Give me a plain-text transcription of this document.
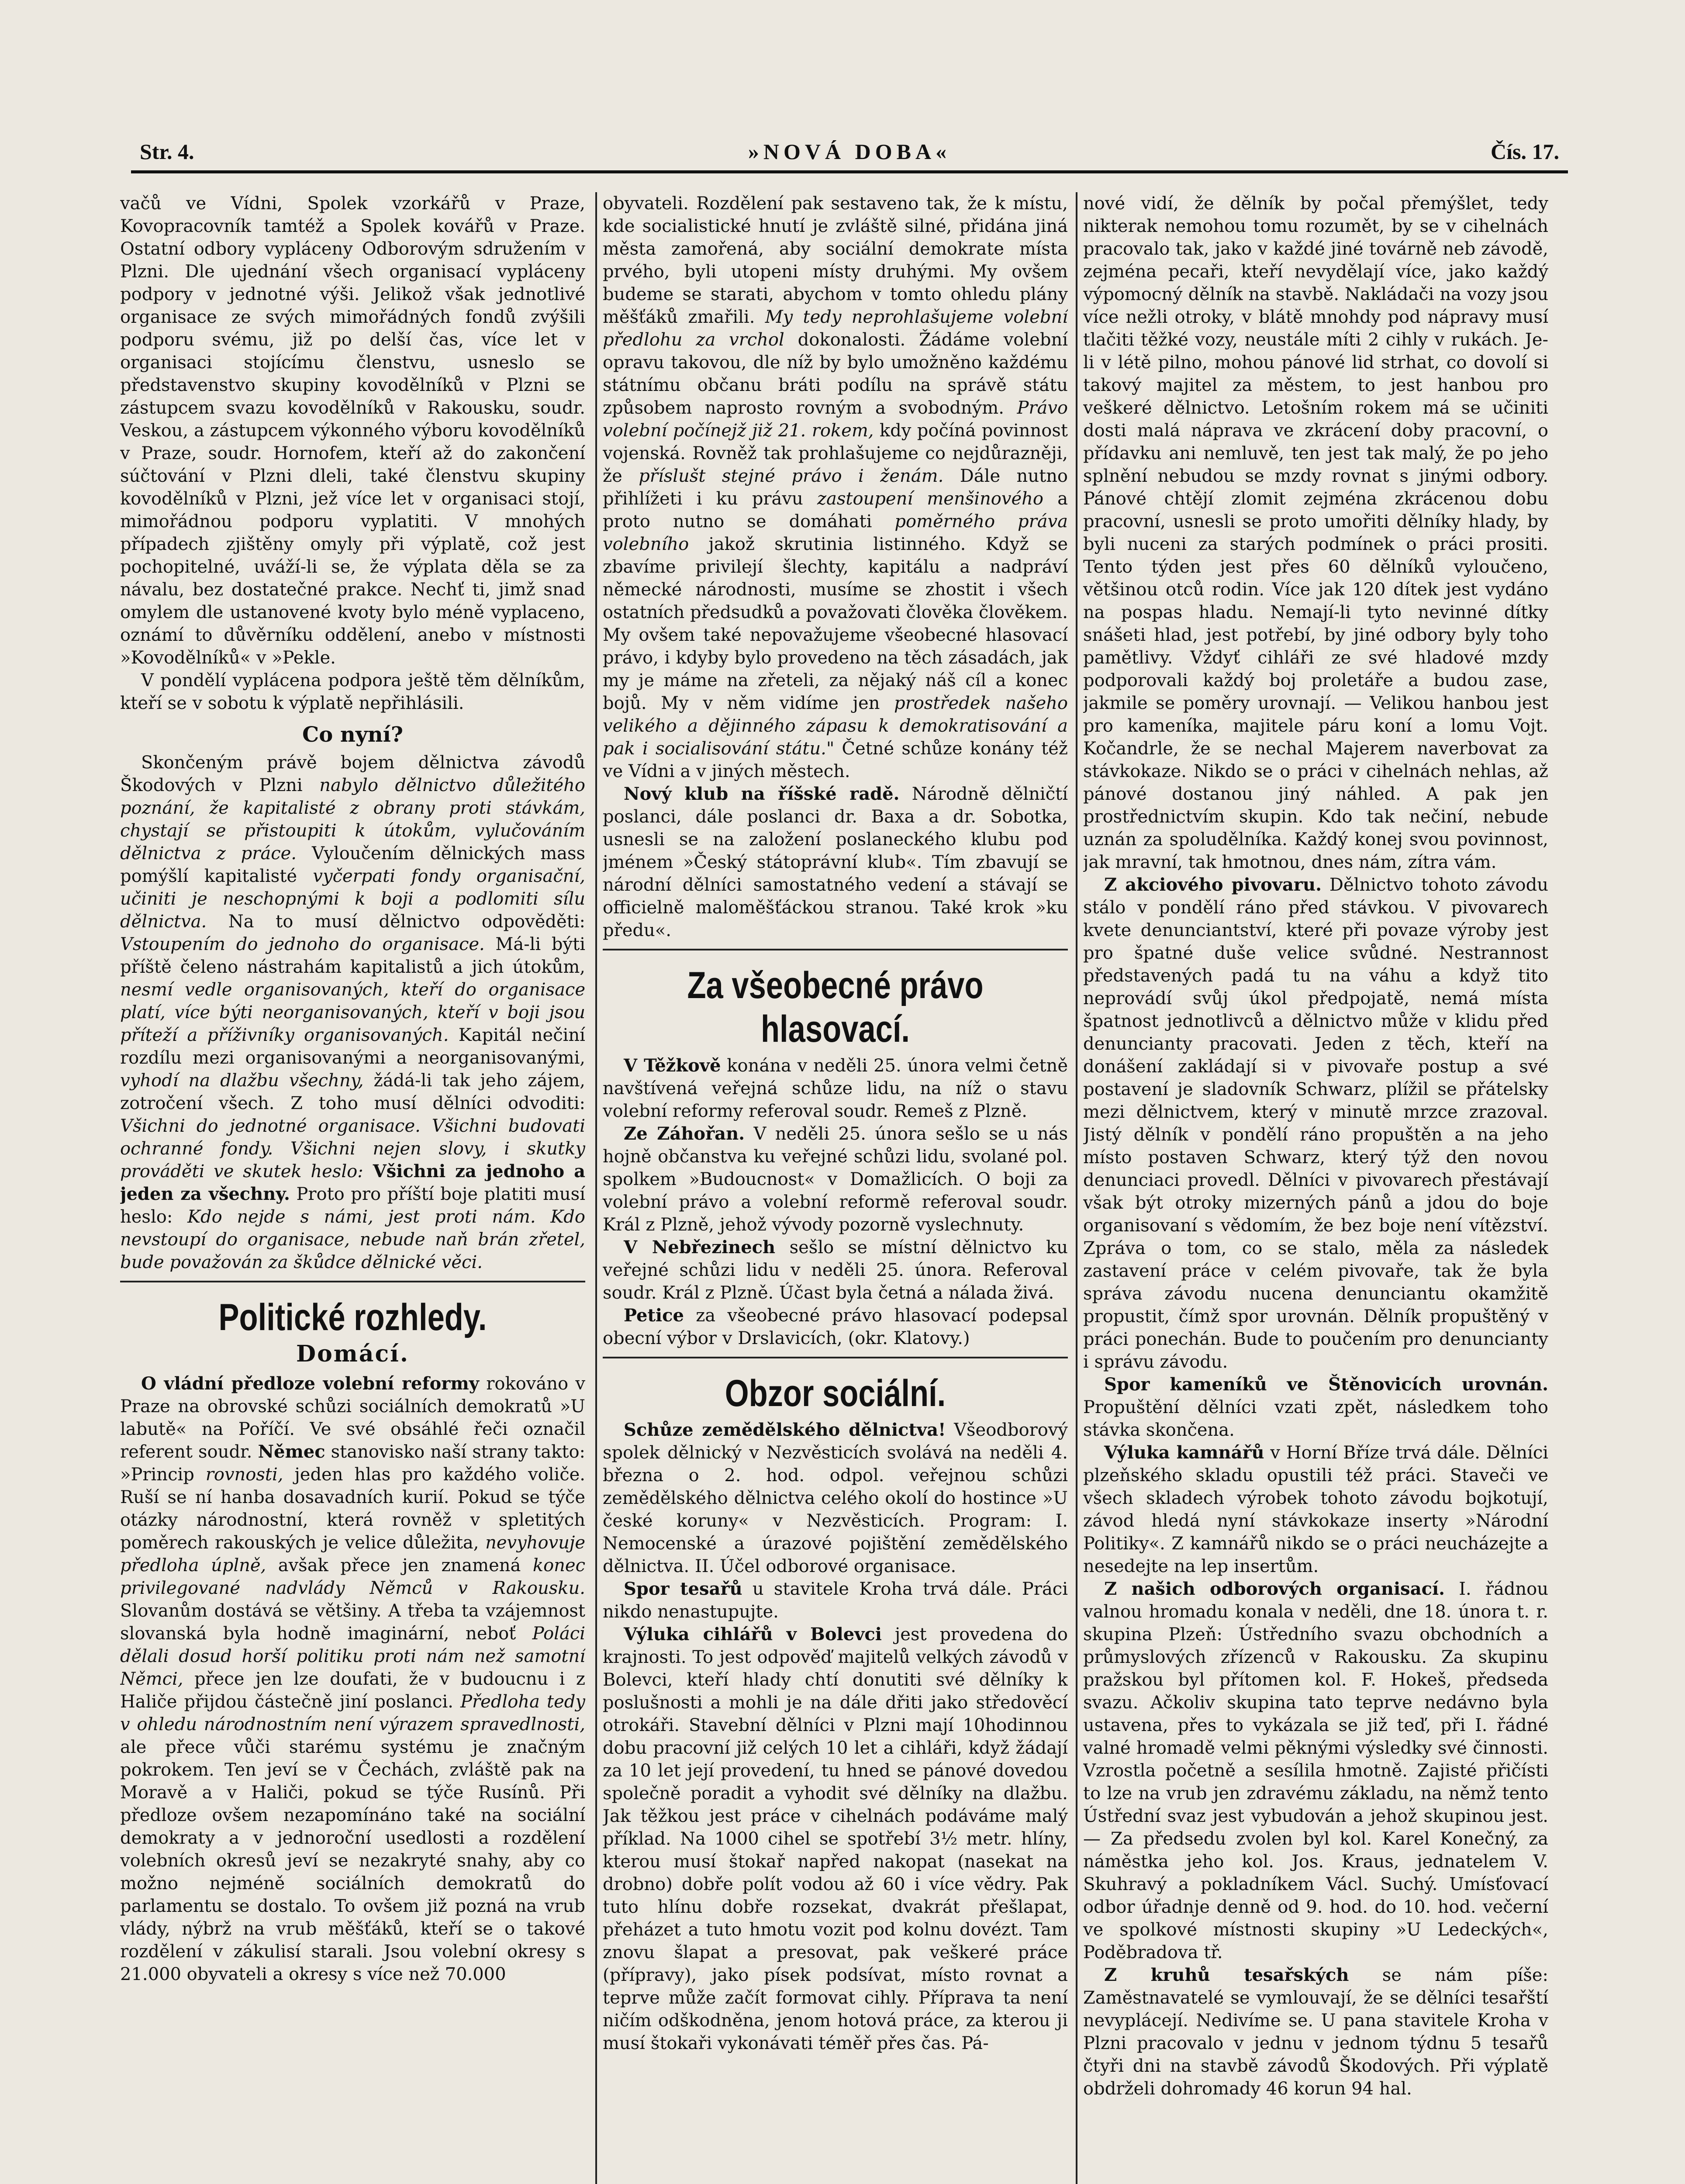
Str. 4.	»NOVÁ DOBA«	Čís. 17.

vačů ve Vídni, Spolek vzorkářů v Praze, Kovopracovník tamtéž a Spolek kovářů v Praze. Ostatní odbory vypláceny Odborovým sdružením v Plzni. Dle ujednání všech organisací vypláceny podpory v jednotné výši. Jelikož však jednotlivé organisace ze svých mimořádných fondů zvýšili podporu svému, již po delší čas, více let v organisaci stojícímu členstvu, usneslo se představenstvo skupiny kovodělníků v Plzni se zástupcem svazu kovodělníků v Rakousku, soudr. Veskou, a zástupcem výkonného výboru kovodělníků v Praze, soudr. Hornofem, kteří až do zakončení súčtování v Plzni dleli, také členstvu skupiny kovodělníků v Plzni, jež více let v organisaci stojí, mimořádnou podporu vyplatiti. V mnohých případech zjištěny omyly při výplatě, což jest pochopitelné, uváží-li se, že výplata děla se za návalu, bez dostatečné prakce. Nechť ti, jimž snad omylem dle ustanovené kvoty bylo méně vyplaceno, oznámí to důvěrníku oddělení, anebo v místnosti »Kovodělníků« v »Pekle.

V pondělí vyplácena podpora ještě těm dělníkům, kteří se v sobotu k výplatě nepřihlásili.

Co nyní?

Skončeným právě bojem dělnictva závodů Škodových v Plzni nabylo dělnictvo důležitého poznání, že kapitalisté z obrany proti stávkám, chystají se přistoupiti k útokům, vylučováním dělnictva z práce. Vyloučením dělnických mass pomýšlí kapitalisté vyčerpati fondy organisační, učiniti je neschopnými k boji a podlomiti sílu dělnictva. Na to musí dělnictvo odpověděti: Vstoupením do jednoho do organisace. Má-li býti příště čeleno nástrahám kapitalistů a jich útokům, nesmí vedle organisovaných, kteří do organisace platí, více býti neorganisovaných, kteří v boji jsou příteží a příživníky organisovaných. Kapitál nečiní rozdílu mezi organisovanými a neorganisovanými, vyhodí na dlažbu všechny, žádá-li tak jeho zájem, zotročení všech. Z toho musí dělníci odvoditi: Všichni do jednotné organisace. Všichni budovati ochranné fondy. Všichni nejen slovy, i skutky prováděti ve skutek heslo: Všichni za jednoho a jeden za všechny. Proto pro příští boje platiti musí heslo: Kdo nejde s námi, jest proti nám. Kdo nevstoupí do organisace, nebude naň brán zřetel, bude považován za škůdce dělnické věci.

Politické rozhledy.

Domácí.

O vládní předloze volební reformy rokováno v Praze na obrovské schůzi sociálních demokratů »U labutě« na Poříčí. Ve své obsáhlé řeči označil referent soudr. Němec stanovisko naší strany takto: »Princip rovnosti, jeden hlas pro každého voliče. Ruší se ní hanba dosavadních kurií. Pokud se týče otázky národnostní, která rovněž v spletitých poměrech rakouských je velice důležita, nevyhovuje předloha úplně, avšak přece jen znamená konec privilegované nadvlády Němců v Rakousku. Slovanům dostává se většiny. A třeba ta vzájemnost slovanská byla hodně imaginární, neboť Poláci dělali dosud horší politiku proti nám než samotní Němci, přece jen lze doufati, že v budoucnu i z Haliče přijdou částečně jiní poslanci. Předloha tedy v ohledu národnostním není výrazem spravedlnosti, ale přece vůči starému systému je značným pokrokem. Ten jeví se v Čechách, zvláště pak na Moravě a v Haliči, pokud se týče Rusínů. Při předloze ovšem nezapomínáno také na sociální demokraty a v jednoroční usedlosti a rozdělení volebních okresů jeví se nezakryté snahy, aby co možno nejméně sociálních demokratů do parlamentu se dostalo. To ovšem již pozná na vrub vlády, nýbrž na vrub měšťáků, kteří se o takové rozdělení v zákulisí starali. Jsou volební okresy s 21.000 obyvateli a okresy s více než 70.000

obyvateli. Rozdělení pak sestaveno tak, že k místu, kde socialistické hnutí je zvláště silné, přidána jiná města zamořená, aby sociální demokrate místa prvého, byli utopeni místy druhými. My ovšem budeme se starati, abychom v tomto ohledu plány měšťáků zmařili. My tedy neprohlašujeme volební předlohu za vrchol dokonalosti. Žádáme volební opravu takovou, dle níž by bylo umožněno každému státnímu občanu bráti podílu na správě státu způsobem naprosto rovným a svobodným. Právo volební počínejž již 21. rokem, kdy počíná povinnost vojenská. Rovněž tak prohlašujeme co nejdůrazněji, že příslušt stejné právo i ženám. Dále nutno přihlížeti i ku právu zastoupení menšinového a proto nutno se domáhati poměrného práva volebního jakož skrutinia listinného. Když se zbavíme privilejí šlechty, kapitálu a nadpráví německé národnosti, musíme se zhostit i všech ostatních předsudků a považovati člověka člověkem. My ovšem také nepovažujeme všeobecné hlasovací právo, i kdyby bylo provedeno na těch zásadách, jak my je máme na zřeteli, za nějaký náš cíl a konec bojů. My v něm vidíme jen prostředek našeho velikého a dějinného zápasu k demokratisování a pak i socialisování státu." Četné schůze konány též ve Vídni a v jiných městech.

Nový klub na říšské radě. Národně dělničtí poslanci, dále poslanci dr. Baxa a dr. Sobotka, usnesli se na založení poslaneckého klubu pod jménem »Český státoprávní klub«. Tím zbavují se národní dělníci samostatného vedení a stávají se officielně maloměšťáckou stranou. Také krok »ku předu«.

Za všeobecné právo hlasovací.

V Těžkově konána v neděli 25. února velmi četně navštívená veřejná schůze lidu, na níž o stavu volební reformy referoval soudr. Remeš z Plzně.

Ze Záhořan. V neděli 25. února sešlo se u nás hojně občanstva ku veřejné schůzi lidu, svolané pol. spolkem »Budoucnost« v Domažlicích. O boji za volební právo a volební reformě referoval soudr. Král z Plzně, jehož vývody pozorně vyslechnuty.

V Nebřezinech sešlo se místní dělnictvo ku veřejné schůzi lidu v neděli 25. února. Referoval soudr. Král z Plzně. Účast byla četná a nálada živá.

Petice za všeobecné právo hlasovací podepsal obecní výbor v Drslavicích, (okr. Klatovy.)

Obzor sociální.

Schůze zemědělského dělnictva! Všeodborový spolek dělnický v Nezvěsticích svolává na neděli 4. března o 2. hod. odpol. veřejnou schůzi zemědělského dělnictva celého okolí do hostince »U české koruny« v Nezvěsticích. Program: I. Nemocenské a úrazové pojištění zemědělského dělnictva. II. Účel odborové organisace.

Spor tesařů u stavitele Kroha trvá dále. Práci nikdo nenastupujte.

Výluka cihlářů v Bolevci jest provedena do krajnosti. To jest odpověď majitelů velkých závodů v Bolevci, kteří hlady chtí donutiti své dělníky k poslušnosti a mohli je na dále dřiti jako středověcí otrokáři. Stavební dělníci v Plzni mají 10hodinnou dobu pracovní již celých 10 let a cihláři, když žádají za 10 let její provedení, tu hned se pánové dovedou společně poradit a vyhodit své dělníky na dlažbu. Jak těžkou jest práce v cihelnách podáváme malý příklad. Na 1000 cihel se spotřebí 3½ metr. hlíny, kterou musí štokař napřed nakopat (nasekat na drobno) dobře polít vodou až 60 i více vědry. Pak tuto hlínu dobře rozsekat, dvakrát přešlapat, přeházet a tuto hmotu vozit pod kolnu dovézt. Tam znovu šlapat a presovat, pak veškeré práce (přípravy), jako písek podsívat, místo rovnat a teprve může začít formovat cihly. Příprava ta není ničím odškodněna, jenom hotová práce, za kterou ji musí štokaři vykonávati téměř přes čas. Pá-

nové vidí, že dělník by počal přemýšlet, tedy nikterak nemohou tomu rozumět, by se v cihelnách pracovalo tak, jako v každé jiné továrně neb závodě, zejména pecaři, kteří nevydělají více, jako každý výpomocný dělník na stavbě. Nakládači na vozy jsou více nežli otroky, v blátě mnohdy pod nápravy musí tlačiti těžké vozy, neustále míti 2 cihly v rukách. Je-li v létě pilno, mohou pánové lid strhat, co dovolí si takový majitel za městem, to jest hanbou pro veškeré dělnictvo. Letošním rokem má se učiniti dosti malá náprava ve zkrácení doby pracovní, o přídavku ani nemluvě, ten jest tak malý, že po jeho splnění nebudou se mzdy rovnat s jinými odbory. Pánové chtějí zlomit zejména zkrácenou dobu pracovní, usnesli se proto umořiti dělníky hlady, by byli nuceni za starých podmínek o práci prositi. Tento týden jest přes 60 dělníků vyloučeno, většinou otců rodin. Více jak 120 dítek jest vydáno na pospas hladu. Nemají-li tyto nevinné dítky snášeti hlad, jest potřebí, by jiné odbory byly toho pamětlivy. Vždyť cihláři ze své hladové mzdy podporovali každý boj proletáře a budou zase, jakmile se poměry urovnají. — Velikou hanbou jest pro kameníka, majitele páru koní a lomu Vojt. Kočandrle, že se nechal Majerem naverbovat za stávkokaze. Nikdo se o práci v cihelnách nehlas, až pánové dostanou jiný náhled. A pak jen prostřednictvím skupin. Kdo tak nečiní, nebude uznán za spoludělníka. Každý konej svou povinnost, jak mravní, tak hmotnou, dnes nám, zítra vám.

Z akciového pivovaru. Dělnictvo tohoto závodu stálo v pondělí ráno před stávkou. V pivovarech kvete denunciantství, které při povaze výroby jest pro špatné duše velice svůdné. Nestrannost představených padá tu na váhu a když tito neprovádí svůj úkol předpojatě, nemá místa špatnost jednotlivců a dělnictvo může v klidu před denuncianty pracovati. Jeden z těch, kteří na donášení zakládají si v pivovaře postup a své postavení je sladovník Schwarz, plížil se přátelsky mezi dělnictvem, který v minutě mrzce zrazoval. Jistý dělník v pondělí ráno propuštěn a na jeho místo postaven Schwarz, který týž den novou denunciaci provedl. Dělníci v pivovarech přestávají však být otroky mizerných pánů a jdou do boje organisovaní s vědomím, že bez boje není vítězství. Zpráva o tom, co se stalo, měla za následek zastavení práce v celém pivovaře, tak že byla správa závodu nucena denunciantu okamžitě propustit, čímž spor urovnán. Dělník propuštěný v práci ponechán. Bude to poučením pro denuncianty i správu závodu.

Spor kameníků ve Štěnovicích urovnán. Propuštění dělníci vzati zpět, následkem toho stávka skončena.

Výluka kamnářů v Horní Bříze trvá dále. Dělníci plzeňského skladu opustili též práci. Staveči ve všech skladech výrobek tohoto závodu bojkotují, závod hledá nyní stávkokaze inserty »Národní Politiky«. Z kamnářů nikdo se o práci neucházejte a nesedejte na lep insertům.

Z našich odborových organisací. I. řádnou valnou hromadu konala v neděli, dne 18. února t. r. skupina Plzeň: Ústředního svazu obchodních a průmyslových zřízenců v Rakousku. Za skupinu pražskou byl přítomen kol. F. Hokeš, předseda svazu. Ačkoliv skupina tato teprve nedávno byla ustavena, přes to vykázala se již teď, při I. řádné valné hromadě velmi pěknými výsledky své činnosti. Vzrostla početně a sesílila hmotně. Zajisté přičísti to lze na vrub jen zdravému základu, na němž tento Ústřední svaz jest vybudován a jehož skupinou jest. — Za předsedu zvolen byl kol. Karel Konečný, za náměstka jeho kol. Jos. Kraus, jednatelem V. Skuhravý a pokladníkem Václ. Suchý. Umísťovací odbor úřadnje denně od 9. hod. do 10. hod. večerní ve spolkové místnosti skupiny »U Ledeckých«, Poděbradova tř.

Z kruhů tesařských se nám píše: Zaměstnavatelé se vymlouvají, že se dělníci tesařští nevyplácejí. Nedivíme se. U pana stavitele Kroha v Plzni pracovalo v jednu v jednom týdnu 5 tesařů čtyři dni na stavbě závodů Škodových. Při výplatě obdrželi dohromady 46 korun 94 hal.
